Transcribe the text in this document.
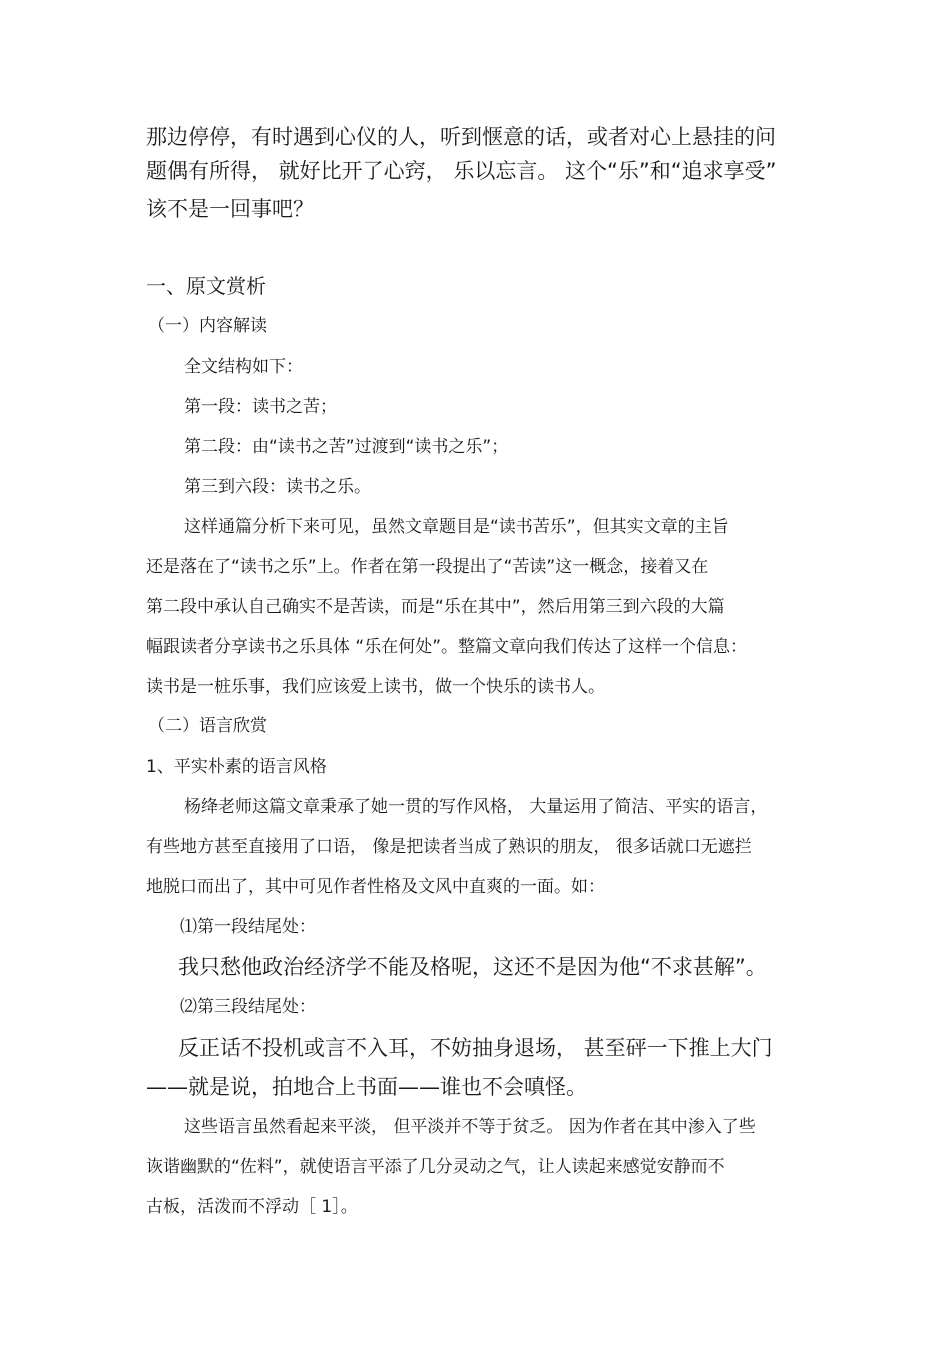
那边停停，有时遇到心仪的人，听到惬意的话，或者对心上悬挂的问
题偶有所得， 就好比开了心窍， 乐以忘言。 这个“乐”和“追求享受”
该不是一回事吧？
一、原文赏析
（一）内容解读
全文结构如下：
第一段：读书之苦；
第二段：由“读书之苦”过渡到“读书之乐”；
第三到六段：读书之乐。
这样通篇分析下来可见，虽然文章题目是“读书苦乐”，但其实文章的主旨
还是落在了“读书之乐”上。作者在第一段提出了“苦读”这一概念，接着又在
第二段中承认自己确实不是苦读，而是“乐在其中”，然后用第三到六段的大篇
幅跟读者分享读书之乐具体 “乐在何处”。整篇文章向我们传达了这样一个信息：
读书是一桩乐事，我们应该爱上读书，做一个快乐的读书人。
（二）语言欣赏
1、平实朴素的语言风格
杨绛老师这篇文章秉承了她一贯的写作风格， 大量运用了简洁、平实的语言，
有些地方甚至直接用了口语， 像是把读者当成了熟识的朋友， 很多话就口无遮拦
地脱口而出了，其中可见作者性格及文风中直爽的一面。如：
⑴第一段结尾处：
我只愁他政治经济学不能及格呢，这还不是因为他“不求甚解”。
⑵第三段结尾处：
反正话不投机或言不入耳，不妨抽身退场， 甚至砰一下推上大门
——就是说，拍地合上书面——谁也不会嗔怪。
这些语言虽然看起来平淡， 但平淡并不等于贫乏。 因为作者在其中渗入了些
诙谐幽默的“佐料”，就使语言平添了几分灵动之气，让人读起来感觉安静而不
古板，活泼而不浮动［ 1］。
